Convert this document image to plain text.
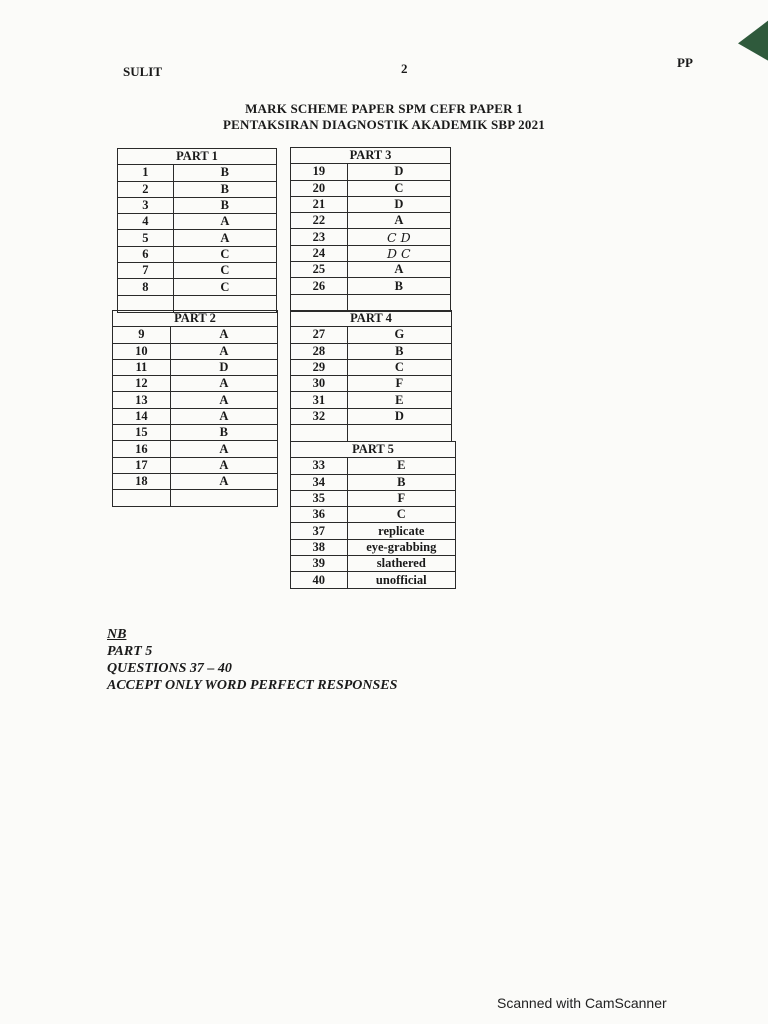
SULIT	2	PP
MARK SCHEME PAPER SPM CEFR PAPER 1
PENTAKSIRAN DIAGNOSTIK AKADEMIK SBP 2021
PART 1	
1	B
2	B
3	B
4	A
5	A
6	C
7	C
8	C

PART 2	
9	A
10	A
11	D
12	A
13	A
14	A
15	B
16	A
17	A
18	A

PART 3	
19	D
20	C
21	D
22	A
23	C D
24	D C
25	A
26	B

PART 4	
27	G
28	B
29	C
30	F
31	E
32	D

PART 5	
33	E
34	B
35	F
36	C
37	replicate
38	eye-grabbing
39	slathered
40	unofficial
NB
PART 5
QUESTIONS 37 – 40
ACCEPT ONLY WORD PERFECT RESPONSES
Scanned with CamScanner
